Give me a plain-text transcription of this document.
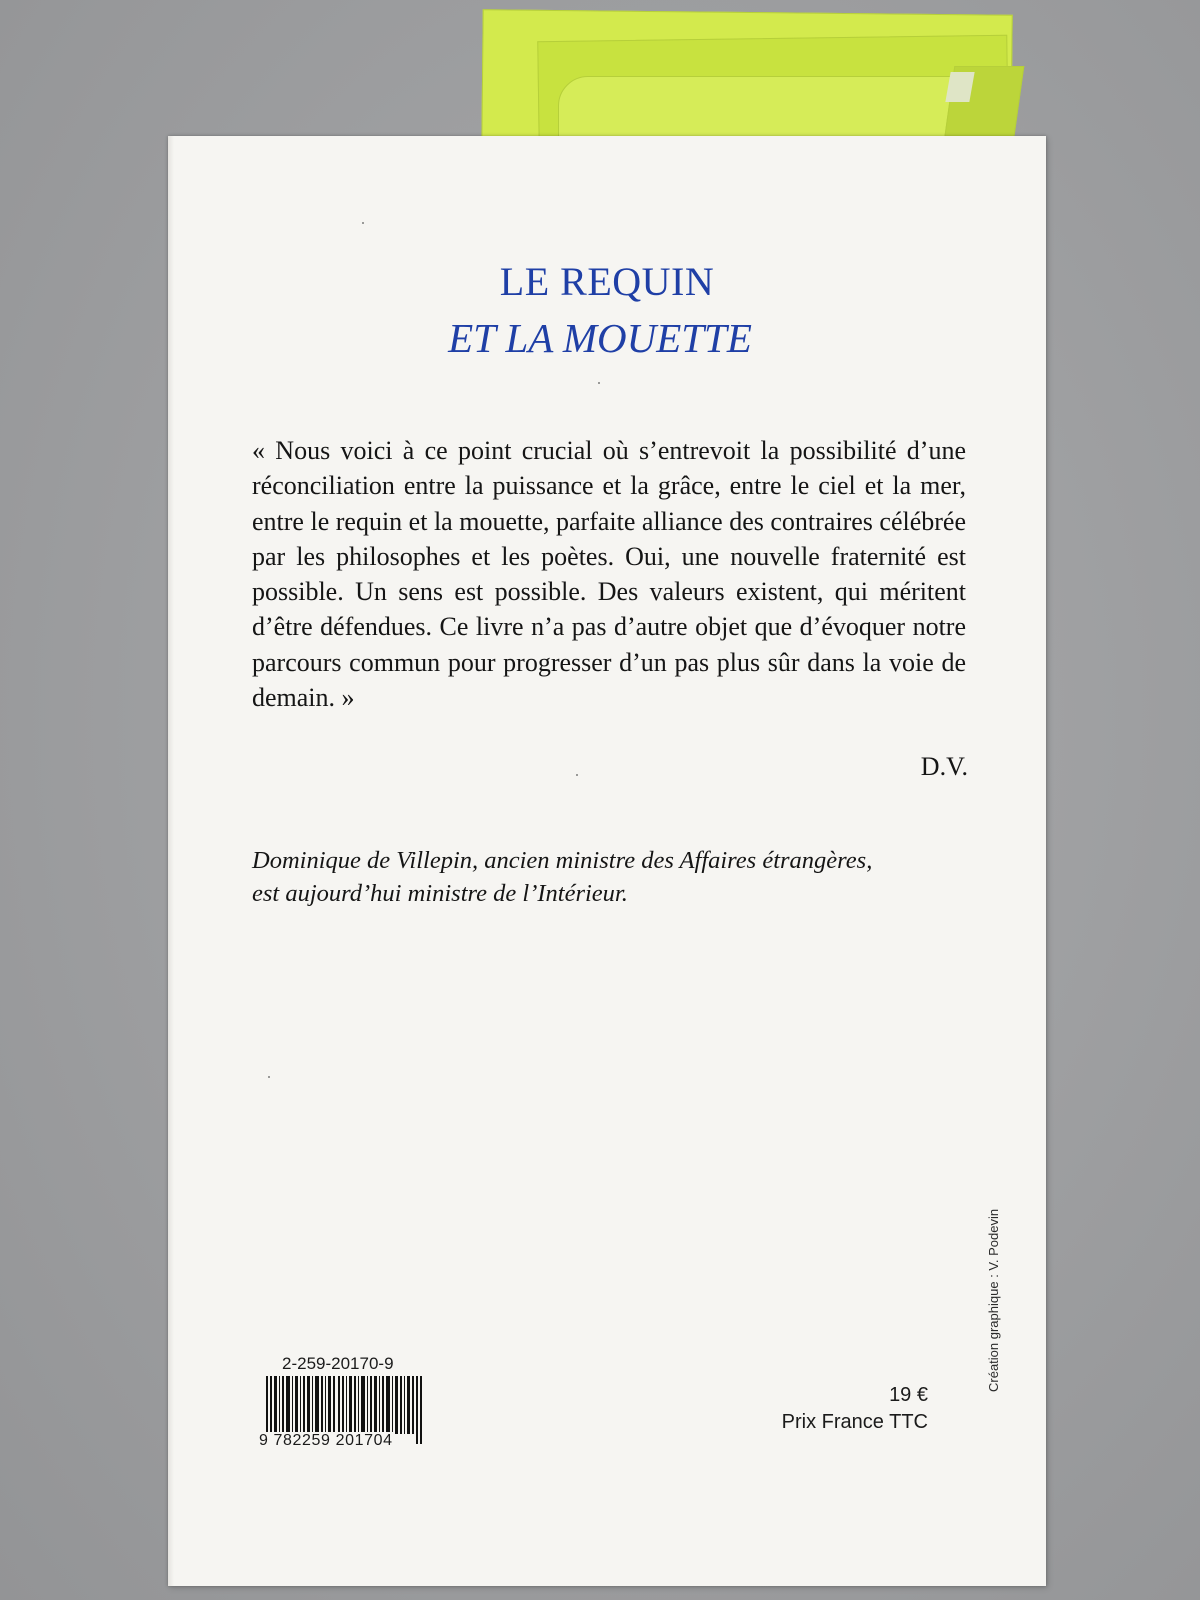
LE REQUIN
ET LA MOUETTE

« Nous voici à ce point crucial où s’entrevoit la possibilité d’une réconciliation entre la puissance et la grâce, entre le ciel et la mer, entre le requin et la mouette, parfaite alliance des contraires célébrée par les philosophes et les poètes. Oui, une nouvelle fraternité est possible. Un sens est possible. Des valeurs existent, qui méritent d’être défendues. Ce livre n’a pas d’autre objet que d’évoquer notre parcours commun pour progresser d’un pas plus sûr dans la voie de demain. »

D.V.
Dominique de Villepin, ancien ministre des Affaires étrangères,
est aujourd’hui ministre de l’Intérieur.
Création graphique : V. Podevin
2-259-20170-9
9 782259 201704
19 €
Prix France TTC
